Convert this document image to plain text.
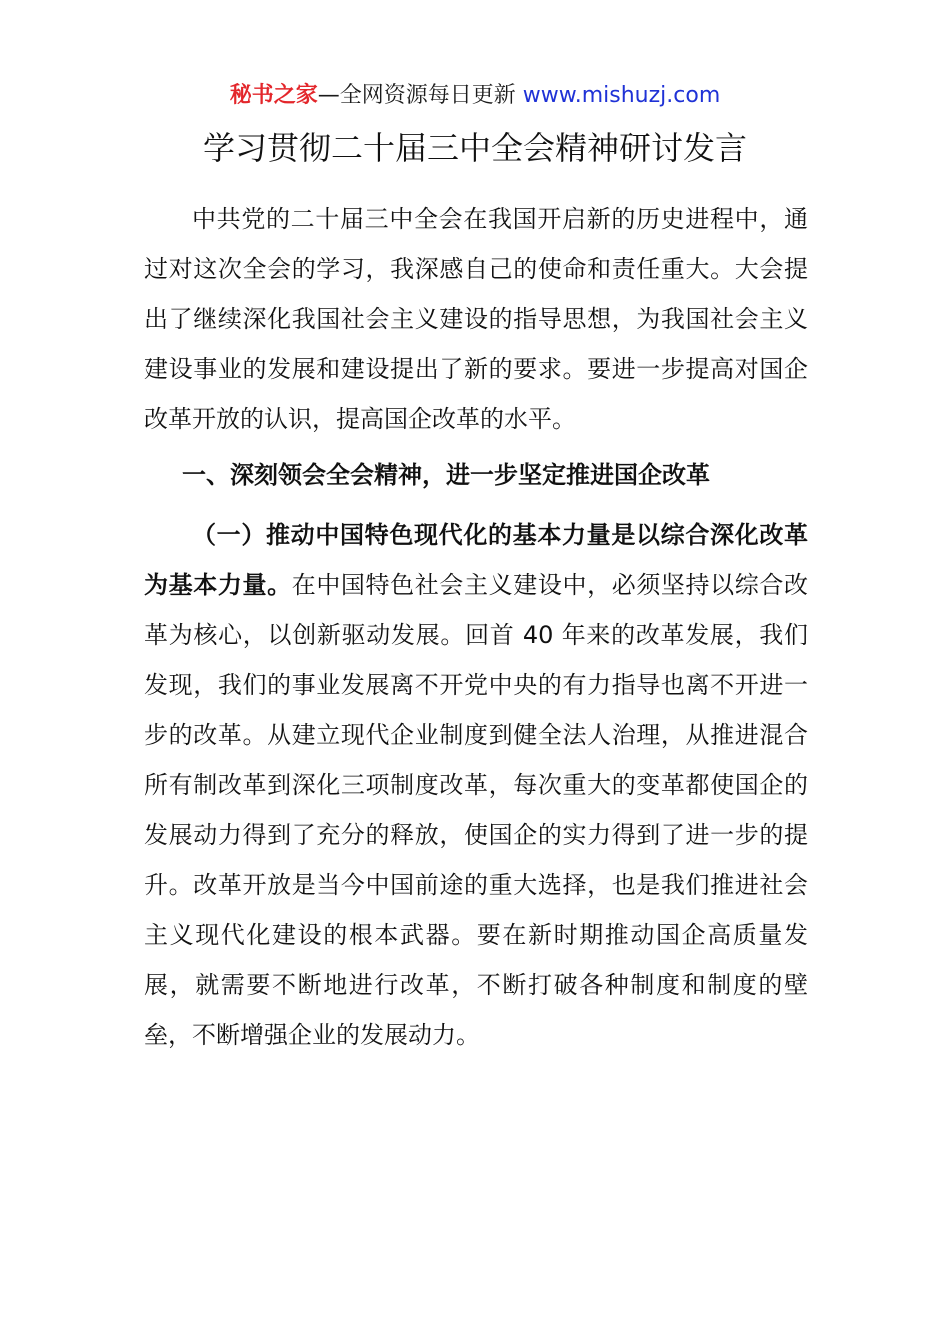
秘书之家—全网资源每日更新 www.mishuzj.com
学习贯彻二十届三中全会精神研讨发言

中共党的二十届三中全会在我国开启新的历史进程中，通过对这次全会的学习，我深感自己的使命和责任重大。大会提出了继续深化我国社会主义建设的指导思想，为我国社会主义建设事业的发展和建设提出了新的要求。要进一步提高对国企改革开放的认识，提高国企改革的水平。

一、深刻领会全会精神，进一步坚定推进国企改革

（一）推动中国特色现代化的基本力量是以综合深化改革为基本力量。在中国特色社会主义建设中，必须坚持以综合改革为核心，以创新驱动发展。回首 40 年来的改革发展，我们发现，我们的事业发展离不开党中央的有力指导也离不开进一步的改革。从建立现代企业制度到健全法人治理，从推进混合所有制改革到深化三项制度改革，每次重大的变革都使国企的发展动力得到了充分的释放，使国企的实力得到了进一步的提升。改革开放是当今中国前途的重大选择，也是我们推进社会主义现代化建设的根本武器。要在新时期推动国企高质量发展，就需要不断地进行改革，不断打破各种制度和制度的壁垒，不断增强企业的发展动力。
